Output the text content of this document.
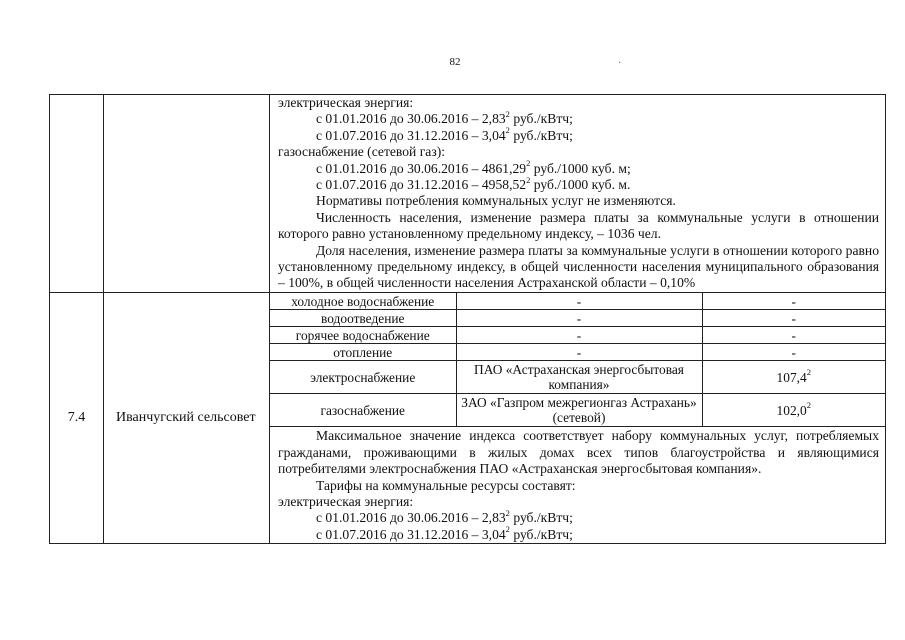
82	·

электрическая энергия:

с 01.01.2016 до 30.06.2016 – 2,83$^2$ руб./кВтч;

с 01.07.2016 до 31.12.2016 – 3,04$^2$ руб./кВтч;

газоснабжение (сетевой газ):

с 01.01.2016 до 30.06.2016 – 4861,29$^2$ руб./1000 куб. м;

с 01.07.2016 до 31.12.2016 – 4958,52$^2$ руб./1000 куб. м.

Нормативы потребления коммунальных услуг не изменяются.

Численность населения, изменение размера платы за коммунальные услуги в отношении которого равно установленному предельному индексу, – 1036 чел.

Доля населения, изменение размера платы за коммунальные услуги в отношении которого равно установленному предельному индексу, в общей численности населения муниципального образования – 100%, в общей численности населения Астраханской области – 0,10%

7.4	Иванчугский сельсовет	
холодное водоснабжение	-	-
водоотведение	-	-
горячее водоснабжение	-	-
отопление	-	-
электроснабжение	ПАО «Астраханская энергосбытовая компания»	107,4$^2$
газоснабжение	ЗАО «Газпром межрегионгаз Астрахань» (сетевой)	102,0$^2$

Максимальное значение индекса соответствует набору коммунальных услуг, потребляемых гражданами, проживающими в жилых домах всех типов благоустройства и являющимися потребителями электроснабжения ПАО «Астраханская энергосбытовая компания».

Тарифы на коммунальные ресурсы составят:

электрическая энергия:

с 01.01.2016 до 30.06.2016 – 2,83$^2$ руб./кВтч;

с 01.07.2016 до 31.12.2016 – 3,04$^2$ руб./кВтч;
